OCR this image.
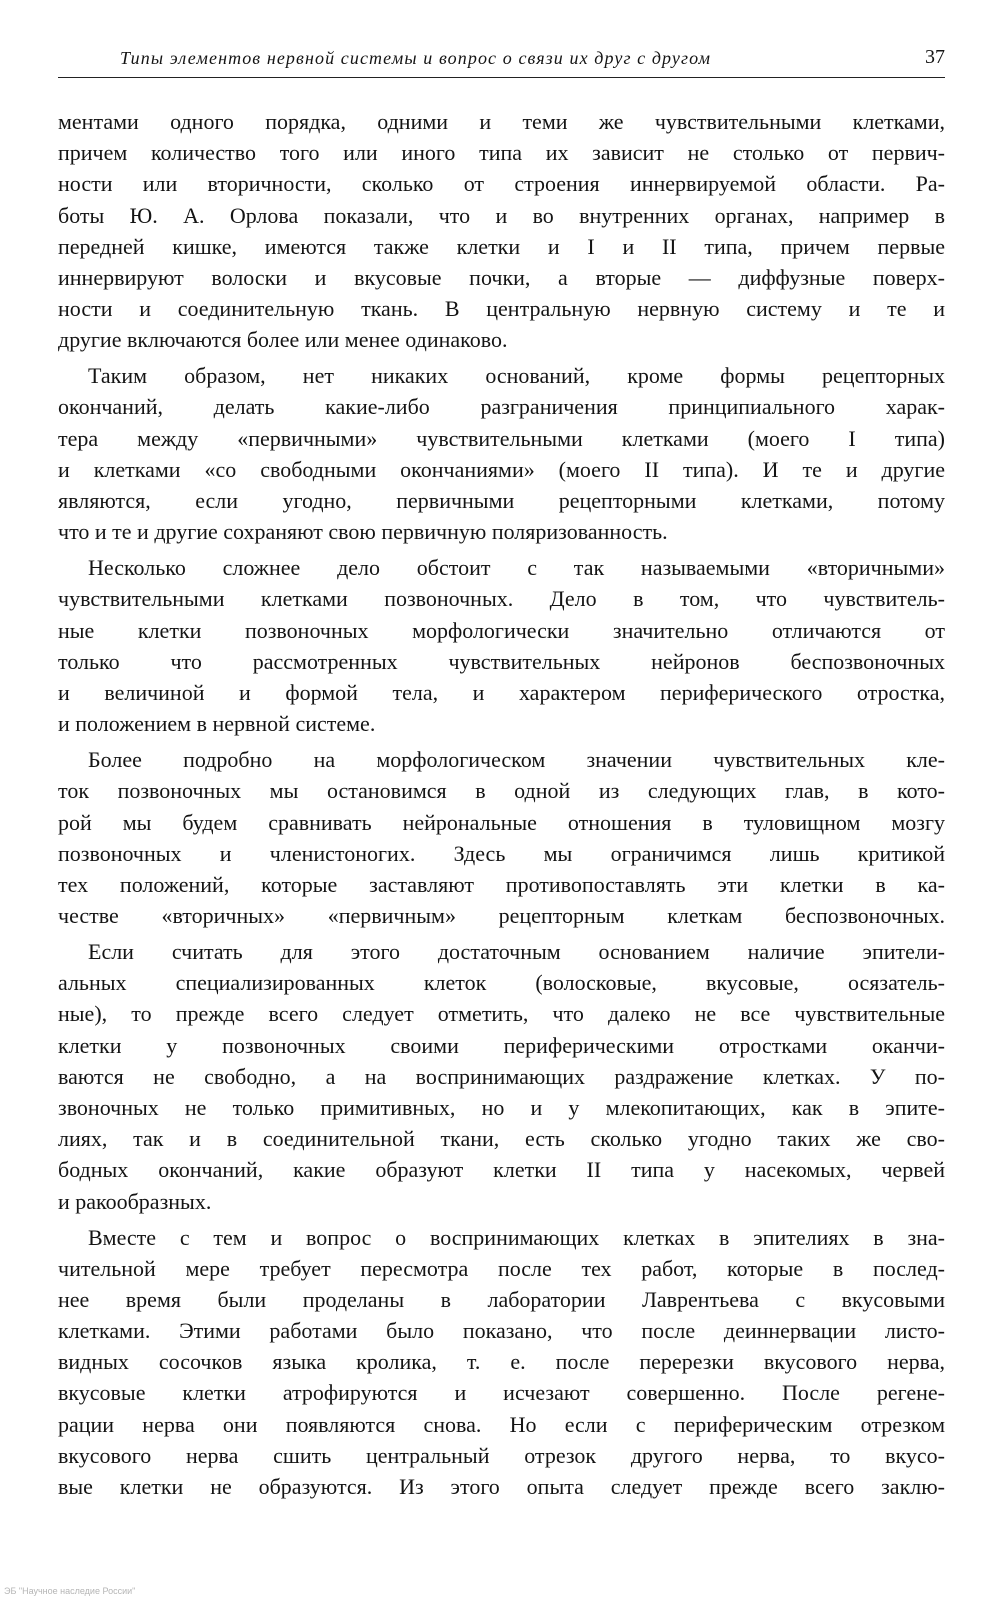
Типы элементов нервной системы и вопрос о связи их друг с другом	37
ментами одного порядка, одними и теми же чувствительными клетками,
причем количество того или иного типа их зависит не столько от первич-
ности или вторичности, сколько от строения иннервируемой области. Ра-
боты Ю. А. Орлова показали, что и во внутренних органах, например в
передней кишке, имеются также клетки и I и II типа, причем первые
иннервируют волоски и вкусовые почки, а вторые — диффузные поверх-
ности и соединительную ткань. В центральную нервную систему и те и
другие включаются более или менее одинаково.
Таким образом, нет никаких оснований, кроме формы рецепторных
окончаний, делать какие-либо разграничения принципиального харак-
тера между «первичными» чувствительными клетками (моего I типа)
и клетками «со свободными окончаниями» (моего II типа). И те и другие
являются, если угодно, первичными рецепторными клетками, потому
что и те и другие сохраняют свою первичную поляризованность.
Несколько сложнее дело обстоит с так называемыми «вторичными»
чувствительными клетками позвоночных. Дело в том, что чувствитель-
ные клетки позвоночных морфологически значительно отличаются от
только что рассмотренных чувствительных нейронов беспозвоночных
и величиной и формой тела, и характером периферического отростка,
и положением в нервной системе.
Более подробно на морфологическом значении чувствительных кле-
ток позвоночных мы остановимся в одной из следующих глав, в кото-
рой мы будем сравнивать нейрональные отношения в туловищном мозгу
позвоночных и членистоногих. Здесь мы ограничимся лишь критикой
тех положений, которые заставляют противопоставлять эти клетки в ка-
честве «вторичных» «первичным» рецепторным клеткам беспозвоночных.
Если считать для этого достаточным основанием наличие эпители-
альных специализированных клеток (волосковые, вкусовые, осязатель-
ные), то прежде всего следует отметить, что далеко не все чувствительные
клетки у позвоночных своими периферическими отростками оканчи-
ваются не свободно, а на воспринимающих раздражение клетках. У по-
звоночных не только примитивных, но и у млекопитающих, как в эпите-
лиях, так и в соединительной ткани, есть сколько угодно таких же сво-
бодных окончаний, какие образуют клетки II типа у насекомых, червей
и ракообразных.
Вместе с тем и вопрос о воспринимающих клетках в эпителиях в зна-
чительной мере требует пересмотра после тех работ, которые в послед-
нее время были проделаны в лаборатории Лаврентьева с вкусовыми
клетками. Этими работами было показано, что после деиннервации листо-
видных сосочков языка кролика, т. е. после перерезки вкусового нерва,
вкусовые клетки атрофируются и исчезают совершенно. После регене-
рации нерва они появляются снова. Но если с периферическим отрезком
вкусового нерва сшить центральный отрезок другого нерва, то вкусо-
вые клетки не образуются. Из этого опыта следует прежде всего заклю-
ЭБ "Научное наследие России"
